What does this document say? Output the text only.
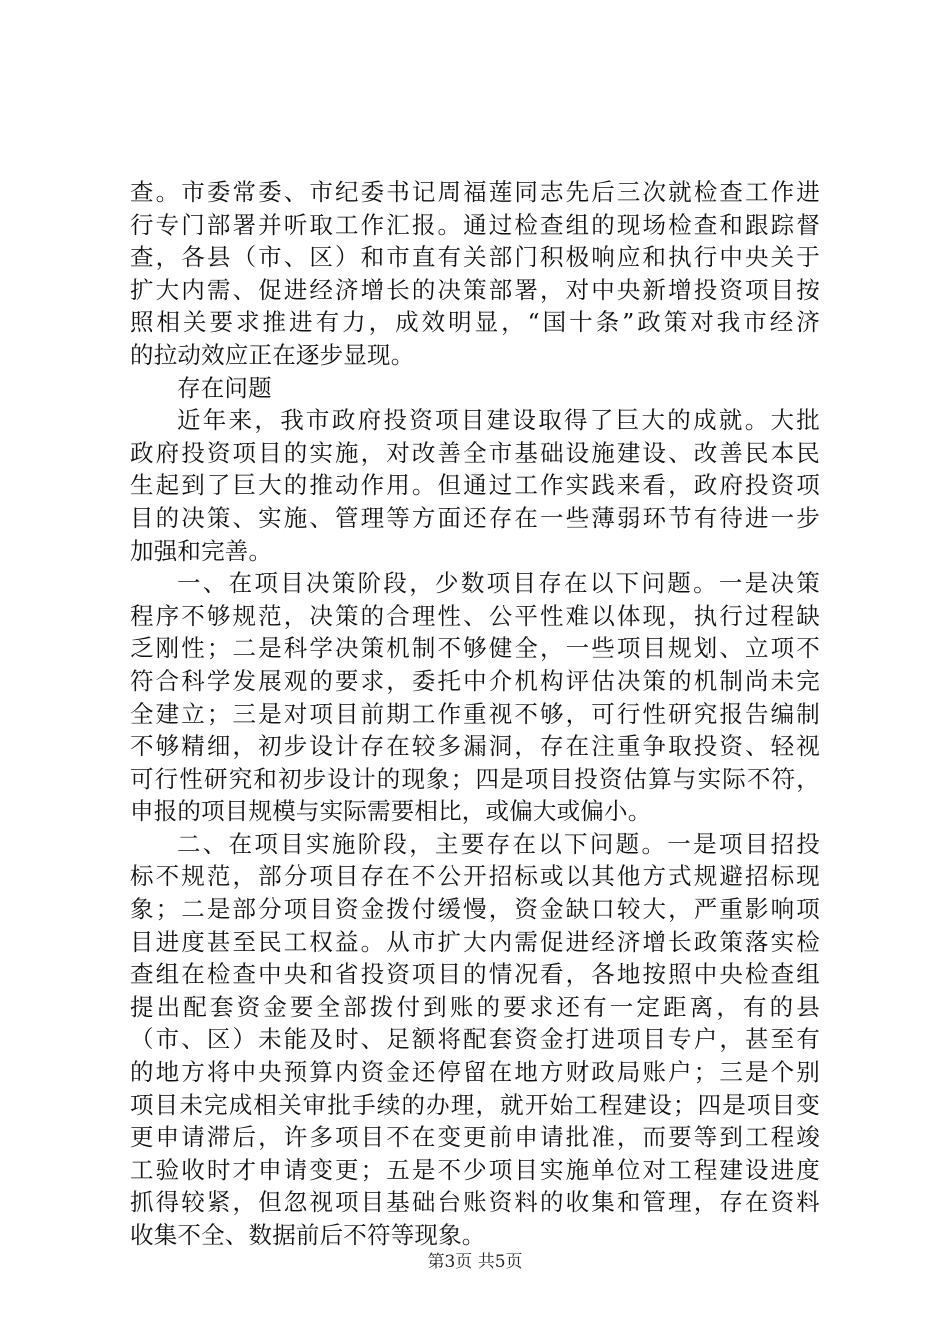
查。市委常委、市纪委书记周福莲同志先后三次就检查工作进
行专门部署并听取工作汇报。通过检查组的现场检查和跟踪督
查，各县（市、区）和市直有关部门积极响应和执行中央关于
扩大内需、促进经济增长的决策部署，对中央新增投资项目按
照相关要求推进有力，成效明显，“国十条”政策对我市经济
的拉动效应正在逐步显现。
存在问题
近年来，我市政府投资项目建设取得了巨大的成就。大批
政府投资项目的实施，对改善全市基础设施建设、改善民本民
生起到了巨大的推动作用。但通过工作实践来看，政府投资项
目的决策、实施、管理等方面还存在一些薄弱环节有待进一步
加强和完善。
一、在项目决策阶段，少数项目存在以下问题。一是决策
程序不够规范，决策的合理性、公平性难以体现，执行过程缺
乏刚性；二是科学决策机制不够健全，一些项目规划、立项不
符合科学发展观的要求，委托中介机构评估决策的机制尚未完
全建立；三是对项目前期工作重视不够，可行性研究报告编制
不够精细，初步设计存在较多漏洞，存在注重争取投资、轻视
可行性研究和初步设计的现象；四是项目投资估算与实际不符，
申报的项目规模与实际需要相比，或偏大或偏小。
二、在项目实施阶段，主要存在以下问题。一是项目招投
标不规范，部分项目存在不公开招标或以其他方式规避招标现
象；二是部分项目资金拨付缓慢，资金缺口较大，严重影响项
目进度甚至民工权益。从市扩大内需促进经济增长政策落实检
查组在检查中央和省投资项目的情况看，各地按照中央检查组
提出配套资金要全部拨付到账的要求还有一定距离，有的县
（市、区）未能及时、足额将配套资金打进项目专户，甚至有
的地方将中央预算内资金还停留在地方财政局账户；三是个别
项目未完成相关审批手续的办理，就开始工程建设；四是项目变
更申请滞后，许多项目不在变更前申请批准，而要等到工程竣
工验收时才申请变更；五是不少项目实施单位对工程建设进度
抓得较紧，但忽视项目基础台账资料的收集和管理，存在资料
收集不全、数据前后不符等现象。
第3页 共5页
